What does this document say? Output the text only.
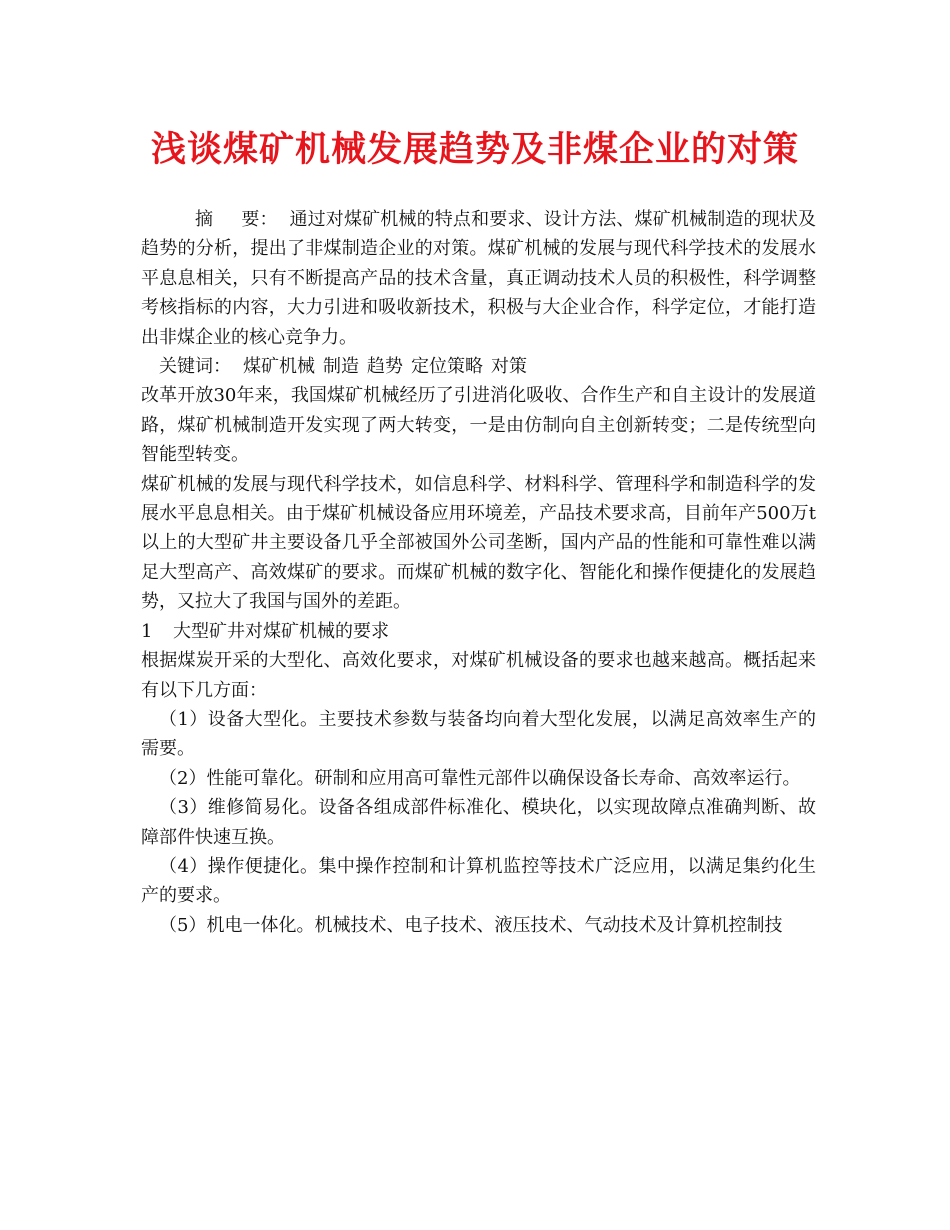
浅谈煤矿机械发展趋势及非煤企业的对策

摘 要： 通过对煤矿机械的特点和要求、设计方法、煤矿机械制造的现状及趋势的分析，提出了非煤制造企业的对策。煤矿机械的发展与现代科学技术的发展水平息息相关，只有不断提高产品的技术含量，真正调动技术人员的积极性，科学调整考核指标的内容，大力引进和吸收新技术，积极与大企业合作，科学定位，才能打造出非煤企业的核心竞争力。

关键词： 煤矿机械 制造 趋势 定位策略 对策

改革开放30年来，我国煤矿机械经历了引进消化吸收、合作生产和自主设计的发展道路，煤矿机械制造开发实现了两大转变，一是由仿制向自主创新转变；二是传统型向智能型转变。

煤矿机械的发展与现代科学技术，如信息科学、材料科学、管理科学和制造科学的发展水平息息相关。由于煤矿机械设备应用环境差，产品技术要求高，目前年产500万t以上的大型矿井主要设备几乎全部被国外公司垄断，国内产品的性能和可靠性难以满足大型高产、高效煤矿的要求。而煤矿机械的数字化、智能化和操作便捷化的发展趋势，又拉大了我国与国外的差距。

1 大型矿井对煤矿机械的要求

根据煤炭开采的大型化、高效化要求，对煤矿机械设备的要求也越来越高。概括起来有以下几方面：

（1）设备大型化。主要技术参数与装备均向着大型化发展，以满足高效率生产的需要。

（2）性能可靠化。研制和应用高可靠性元部件以确保设备长寿命、高效率运行。

（3）维修简易化。设备各组成部件标准化、模块化，以实现故障点准确判断、故障部件快速互换。

（4）操作便捷化。集中操作控制和计算机监控等技术广泛应用，以满足集约化生产的要求。

（5）机电一体化。机械技术、电子技术、液压技术、气动技术及计算机控制技
